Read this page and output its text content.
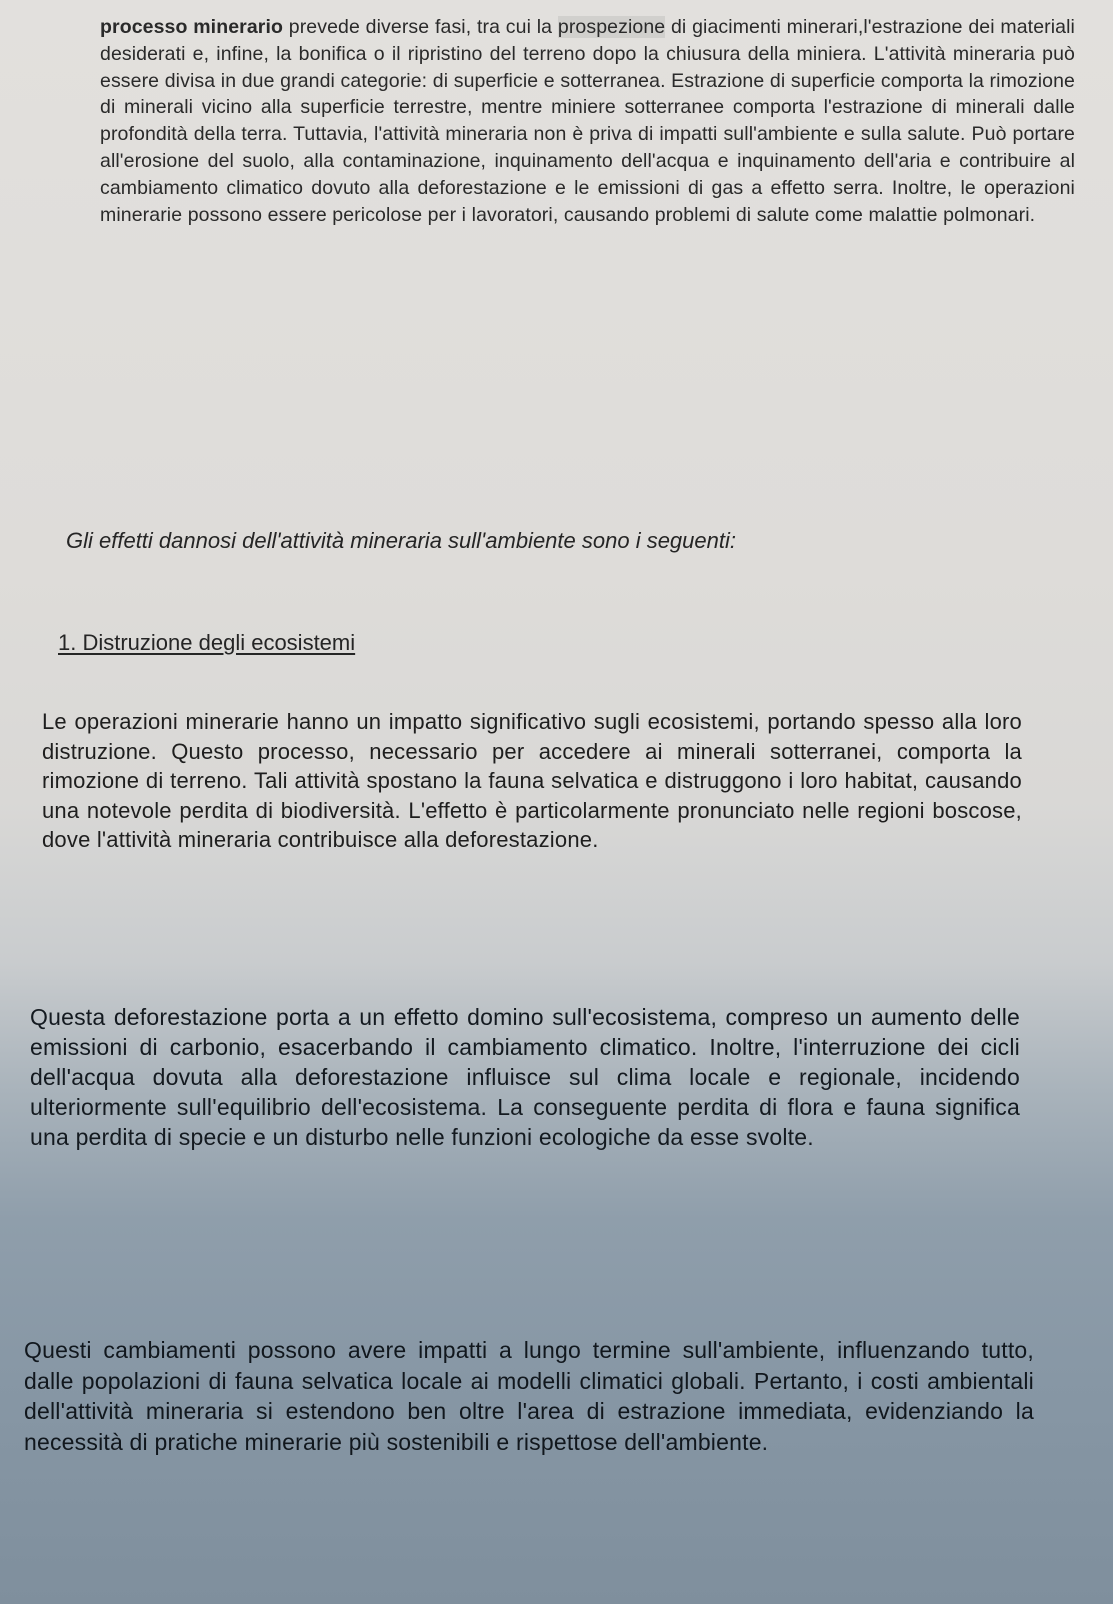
processo minerario prevede diverse fasi, tra cui la prospezione di giacimenti minerari,l'estrazione dei materiali desiderati e, infine, la bonifica o il ripristino del terreno dopo la chiusura della miniera. L'attività mineraria può essere divisa in due grandi categorie: di superficie e sotterranea. Estrazione di superficie comporta la rimozione di minerali vicino alla superficie terrestre, mentre miniere sotterranee comporta l'estrazione di minerali dalle profondità della terra. Tuttavia, l'attività mineraria non è priva di impatti sull'ambiente e sulla salute. Può portare all'erosione del suolo, alla contaminazione, inquinamento dell'acqua e inquinamento dell'aria e contribuire al cambiamento climatico dovuto alla deforestazione e le emissioni di gas a effetto serra. Inoltre, le operazioni minerarie possono essere pericolose per i lavoratori, causando problemi di salute come malattie polmonari.

Gli effetti dannosi dell'attività mineraria sull'ambiente sono i seguenti:

1. Distruzione degli ecosistemi

Le operazioni minerarie hanno un impatto significativo sugli ecosistemi, portando spesso alla loro distruzione. Questo processo, necessario per accedere ai minerali sotterranei, comporta la rimozione di terreno. Tali attività spostano la fauna selvatica e distruggono i loro habitat, causando una notevole perdita di biodiversità. L'effetto è particolarmente pronunciato nelle regioni boscose, dove l'attività mineraria contribuisce alla deforestazione.

Questa deforestazione porta a un effetto domino sull'ecosistema, compreso un aumento delle emissioni di carbonio, esacerbando il cambiamento climatico. Inoltre, l'interruzione dei cicli dell'acqua dovuta alla deforestazione influisce sul clima locale e regionale, incidendo ulteriormente sull'equilibrio dell'ecosistema. La conseguente perdita di flora e fauna significa una perdita di specie e un disturbo nelle funzioni ecologiche da esse svolte.

Questi cambiamenti possono avere impatti a lungo termine sull'ambiente, influenzando tutto, dalle popolazioni di fauna selvatica locale ai modelli climatici globali. Pertanto, i costi ambientali dell'attività mineraria si estendono ben oltre l'area di estrazione immediata, evidenziando la necessità di pratiche minerarie più sostenibili e rispettose dell'ambiente.
